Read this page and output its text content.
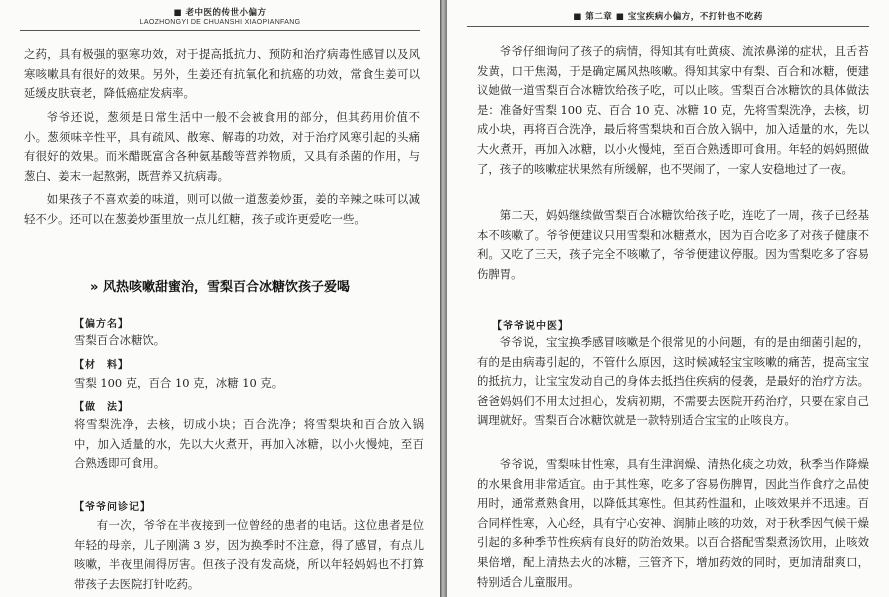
■ 老中医的传世小偏方
LAOZHONGYI DE CHUANSHI XIAOPIANFANG

之药，具有极强的驱寒功效，对于提高抵抗力、预防和治疗病毒性感冒以及风寒咳嗽具有很好的效果。另外，生姜还有抗氧化和抗癌的功效，常食生姜可以延缓皮肤衰老，降低癌症发病率。

爷爷还说，葱须是日常生活中一般不会被食用的部分，但其药用价值不小。葱须味辛性平，具有疏风、散寒、解毒的功效，对于治疗风寒引起的头痛有很好的效果。而米醋既富含各种氨基酸等营养物质，又具有杀菌的作用，与葱白、姜末一起熬粥，既营养又抗病毒。

如果孩子不喜欢姜的味道，则可以做一道葱姜炒蛋，姜的辛辣之味可以减轻不少。还可以在葱姜炒蛋里放一点儿红糖，孩子或许更爱吃一些。

» 风热咳嗽甜蜜治，雪梨百合冰糖饮孩子爱喝
【偏方名】
雪梨百合冰糖饮。
【材　料】
雪梨 100 克，百合 10 克，冰糖 10 克。
【做　法】

将雪梨洗净，去核，切成小块；百合洗净；将雪梨块和百合放入锅中，加入适量的水，先以大火煮开，再加入冰糖，以小火慢炖，至百合熟透即可食用。

【爷爷问诊记】

有一次，爷爷在半夜接到一位曾经的患者的电话。这位患者是位年轻的母亲，儿子刚满 3 岁，因为换季时不注意，得了感冒，有点儿咳嗽，半夜里闹得厉害。但孩子没有发高烧，所以年轻妈妈也不打算带孩子去医院打针吃药。

■ 第二章 ■ 宝宝疾病小偏方，不打针也不吃药

爷爷仔细询问了孩子的病情，得知其有吐黄痰、流浓鼻涕的症状，且舌苔发黄，口干焦渴，于是确定属风热咳嗽。得知其家中有梨、百合和冰糖，便建议她做一道雪梨百合冰糖饮给孩子吃，可以止咳。雪梨百合冰糖饮的具体做法是：准备好雪梨 100 克、百合 10 克、冰糖 10 克，先将雪梨洗净，去核，切成小块，再将百合洗净，最后将雪梨块和百合放入锅中，加入适量的水，先以大火煮开，再加入冰糖，以小火慢炖，至百合熟透即可食用。年轻的妈妈照做了，孩子的咳嗽症状果然有所缓解，也不哭闹了，一家人安稳地过了一夜。

第二天，妈妈继续做雪梨百合冰糖饮给孩子吃，连吃了一周，孩子已经基本不咳嗽了。爷爷便建议只用雪梨和冰糖煮水，因为百合吃多了对孩子健康不利。又吃了三天，孩子完全不咳嗽了，爷爷便建议停服。因为雪梨吃多了容易伤脾胃。

【爷爷说中医】

爷爷说，宝宝换季感冒咳嗽是个很常见的小问题，有的是由细菌引起的，有的是由病毒引起的，不管什么原因，这时候减轻宝宝咳嗽的痛苦，提高宝宝的抵抗力，让宝宝发动自己的身体去抵挡住疾病的侵袭，是最好的治疗方法。爸爸妈妈们不用太过担心，发病初期，不需要去医院开药治疗，只要在家自己调理就好。雪梨百合冰糖饮就是一款特别适合宝宝的止咳良方。

爷爷说，雪梨味甘性寒，具有生津润燥、清热化痰之功效，秋季当作降燥的水果食用非常适宜。由于其性寒，吃多了容易伤脾胃，因此当作食疗之品使用时，通常煮熟食用，以降低其寒性。但其药性温和，止咳效果并不迅速。百合同样性寒，入心经，具有宁心安神、润肺止咳的功效，对于秋季因气候干燥引起的多种季节性疾病有良好的防治效果。以百合搭配雪梨煮汤饮用，止咳效果倍增，配上清热去火的冰糖，三管齐下，增加药效的同时，更加清甜爽口，特别适合儿童服用。
